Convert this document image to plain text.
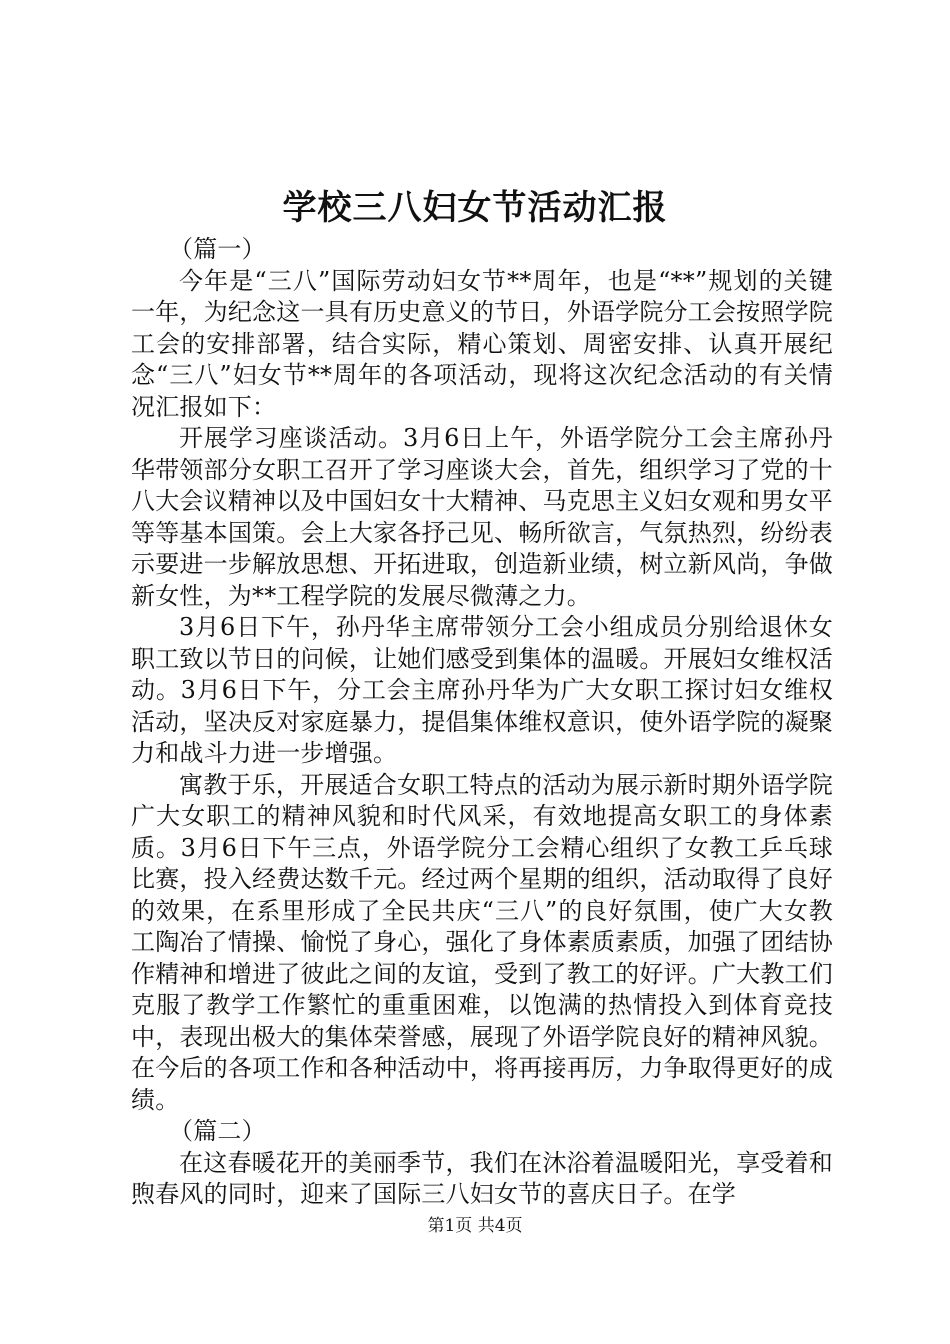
学校三八妇女节活动汇报

（篇一）

今年是“三八”国际劳动妇女节**周年，也是“**”规划的关键一年，为纪念这一具有历史意义的节日，外语学院分工会按照学院工会的安排部署，结合实际，精心策划、周密安排、认真开展纪念“三八”妇女节**周年的各项活动，现将这次纪念活动的有关情况汇报如下：

开展学习座谈活动。3月6日上午，外语学院分工会主席孙丹华带领部分女职工召开了学习座谈大会，首先，组织学习了党的十八大会议精神以及中国妇女十大精神、马克思主义妇女观和男女平等等基本国策。会上大家各抒己见、畅所欲言，气氛热烈，纷纷表示要进一步解放思想、开拓进取，创造新业绩，树立新风尚，争做新女性，为**工程学院的发展尽微薄之力。

3月6日下午，孙丹华主席带领分工会小组成员分别给退休女职工致以节日的问候，让她们感受到集体的温暖。开展妇女维权活动。3月6日下午，分工会主席孙丹华为广大女职工探讨妇女维权活动，坚决反对家庭暴力，提倡集体维权意识，使外语学院的凝聚力和战斗力进一步增强。

寓教于乐，开展适合女职工特点的活动为展示新时期外语学院广大女职工的精神风貌和时代风采，有效地提高女职工的身体素质。3月6日下午三点，外语学院分工会精心组织了女教工乒乓球比赛，投入经费达数千元。经过两个星期的组织，活动取得了良好的效果，在系里形成了全民共庆“三八”的良好氛围，使广大女教工陶冶了情操、愉悦了身心，强化了身体素质素质，加强了团结协作精神和增进了彼此之间的友谊，受到了教工的好评。广大教工们克服了教学工作繁忙的重重困难，以饱满的热情投入到体育竞技中，表现出极大的集体荣誉感，展现了外语学院良好的精神风貌。在今后的各项工作和各种活动中，将再接再厉，力争取得更好的成绩。

（篇二）

在这春暖花开的美丽季节，我们在沐浴着温暖阳光，享受着和煦春风的同时，迎来了国际三八妇女节的喜庆日子。在学

第1页 共4页
